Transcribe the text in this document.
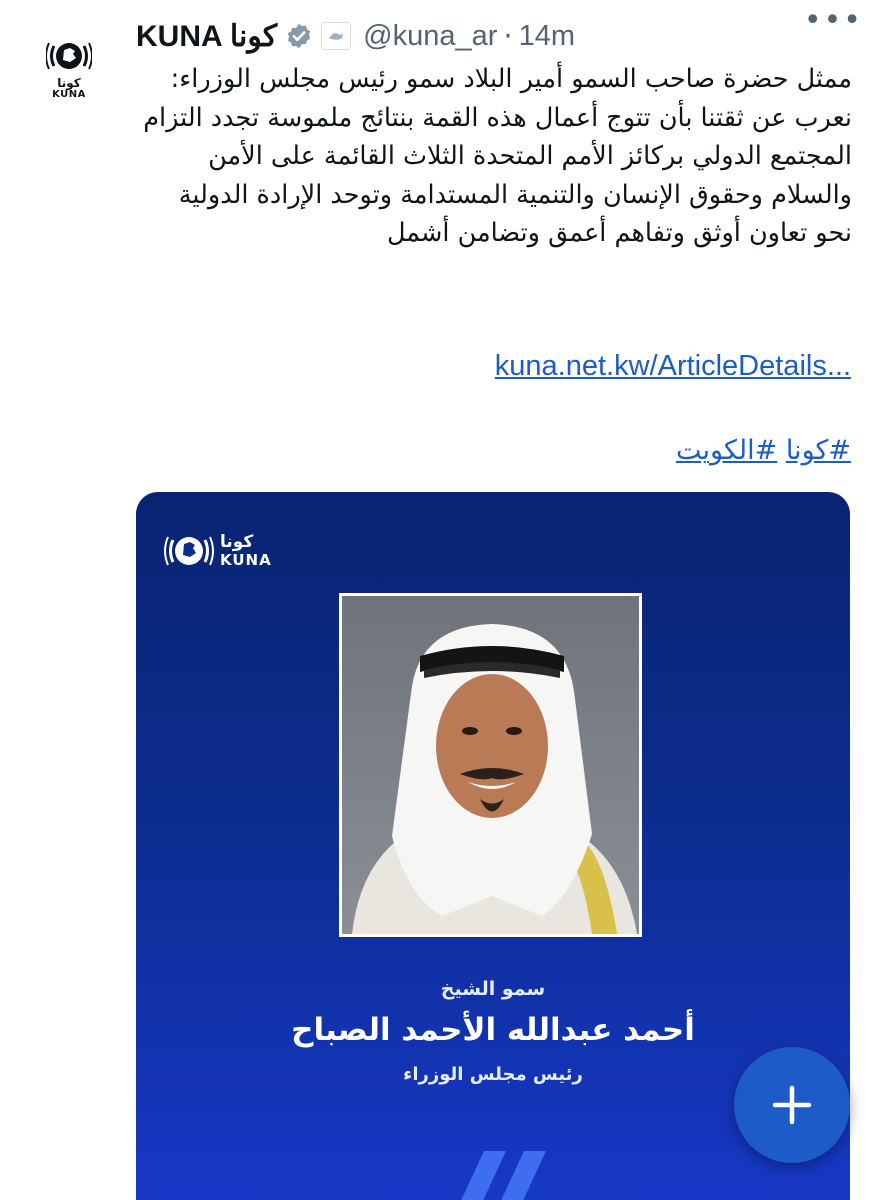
كونا
KUNA
KUNA كونا	@kuna_ar · 14m	•••
ممثل حضرة صاحب السمو أمير البلاد سمو رئيس مجلس الوزراء: نعرب عن ثقتنا بأن تتوج أعمال هذه القمة بنتائج ملموسة تجدد التزام المجتمع الدولي بركائز الأمم المتحدة الثلاث القائمة على الأمن والسلام وحقوق الإنسان والتنمية المستدامة وتوحد الإرادة الدولية نحو تعاون أوثق وتفاهم أعمق وتضامن أشمل
kuna.net.kw/ArticleDetails...
#كونا #الكويت
كونا
KUNA
سمو الشيخ
أحمد عبدالله الأحمد الصباح
رئيس مجلس الوزراء
